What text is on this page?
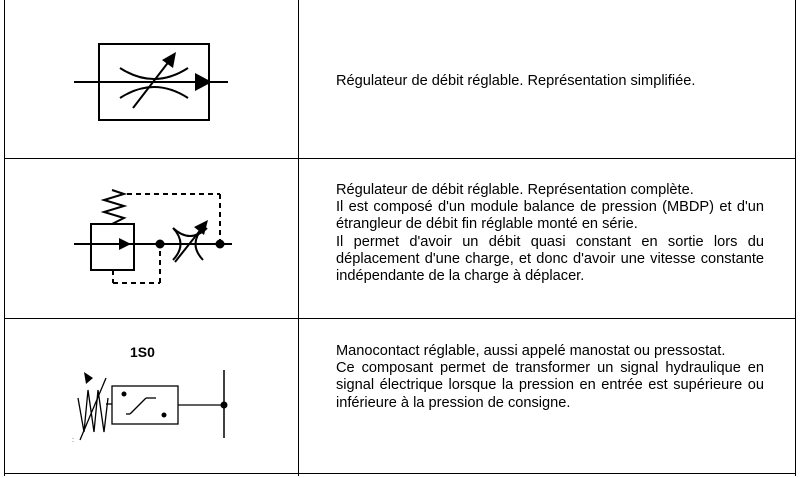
Régulateur de débit réglable. Représentation simplifiée.

Régulateur de débit réglable. Représentation complète.

Il est composé d'un module balance de pression (MBDP) et d'un étrangleur de débit fin réglable monté en série.

Il permet d'avoir un débit quasi constant en sortie lors du déplacement d'une charge, et donc d'avoir une vitesse constante indépendante de la charge à déplacer.

1S0	Manocontact réglable, aussi appelé manostat ou pressostat.

Ce composant permet de transformer un signal hydraulique en signal électrique lorsque la pression en entrée est supérieure ou inférieure à la pression de consigne.
